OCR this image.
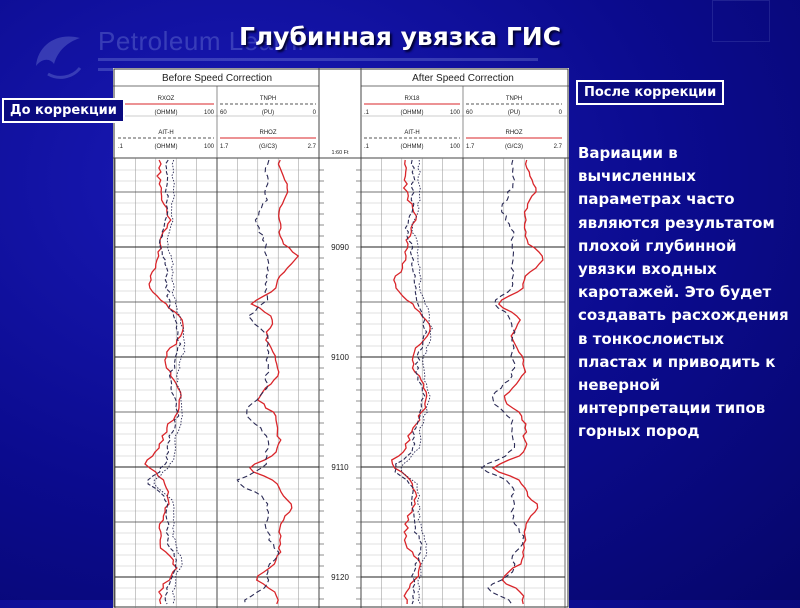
Petroleum Learni
Глубинная увязка ГИС
Before Speed Correction	After Speed Correction
1:60 Ft
RXOZ
(OHMM)	100
TNPH
60	(PU)	0
AIT-H
.1	(OHMM)	100
RHOZ
1.7	(G/C3)	2.7
RX18
.1	(OHMM)	100
TNPH
60	(PU)	0
AIT-H
.1	(OHMM)	100
RHOZ
1.7	(G/C3)	2.7
9090
9100
9110
9120
До коррекции
После коррекции
Вариации в вычисленных параметрах часто являются результатом плохой глубинной увязки входных каротажей. Это будет создавать расхождения в тонкослоистых пластах и приводить к неверной интерпретации типов горных пород
